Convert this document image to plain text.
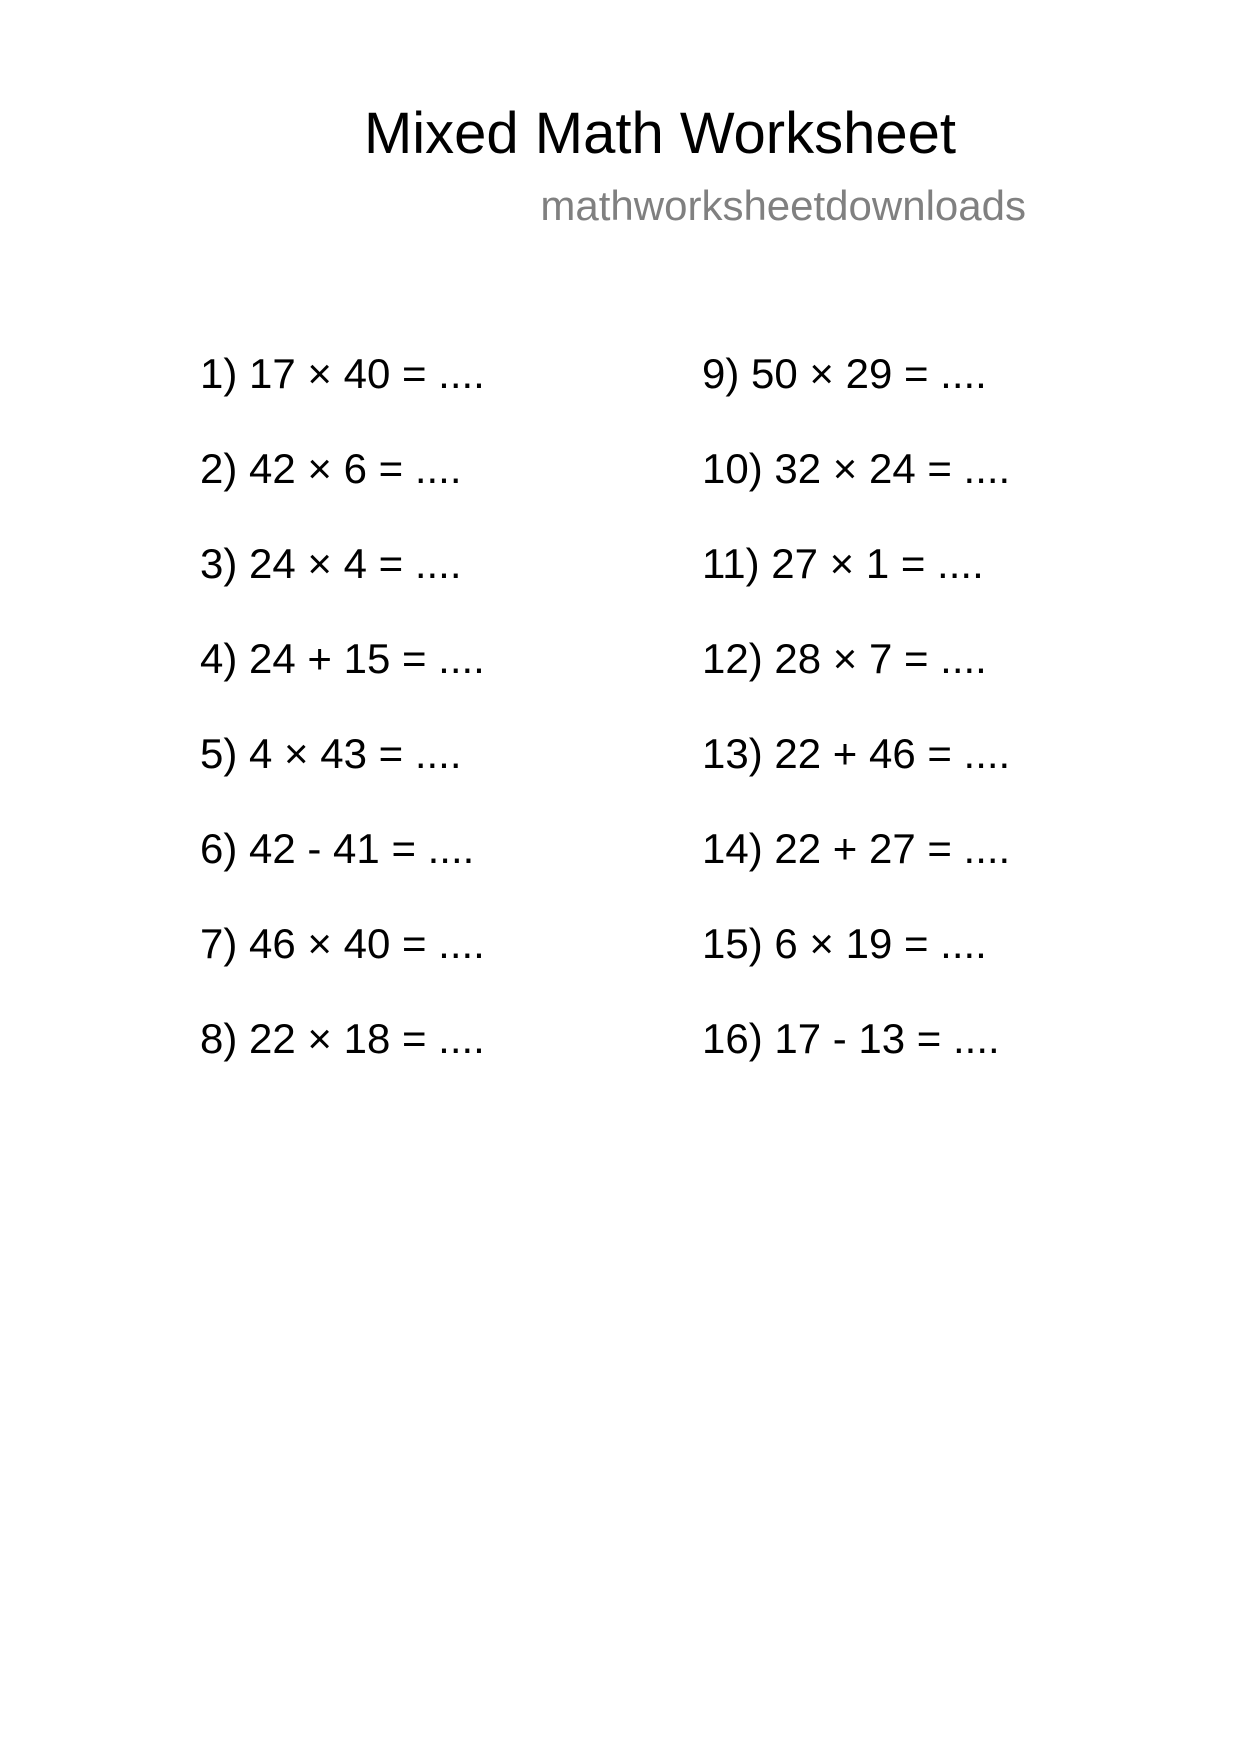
Mixed Math Worksheet
mathworksheetdownloads
1) 17 × 40 = ....
2) 42 × 6 = ....
3) 24 × 4 = ....
4) 24 + 15 = ....
5) 4 × 43 = ....
6) 42 - 41 = ....
7) 46 × 40 = ....
8) 22 × 18 = ....
9) 50 × 29 = ....
10) 32 × 24 = ....
11) 27 × 1 = ....
12) 28 × 7 = ....
13) 22 + 46 = ....
14) 22 + 27 = ....
15) 6 × 19 = ....
16) 17 - 13 = ....
